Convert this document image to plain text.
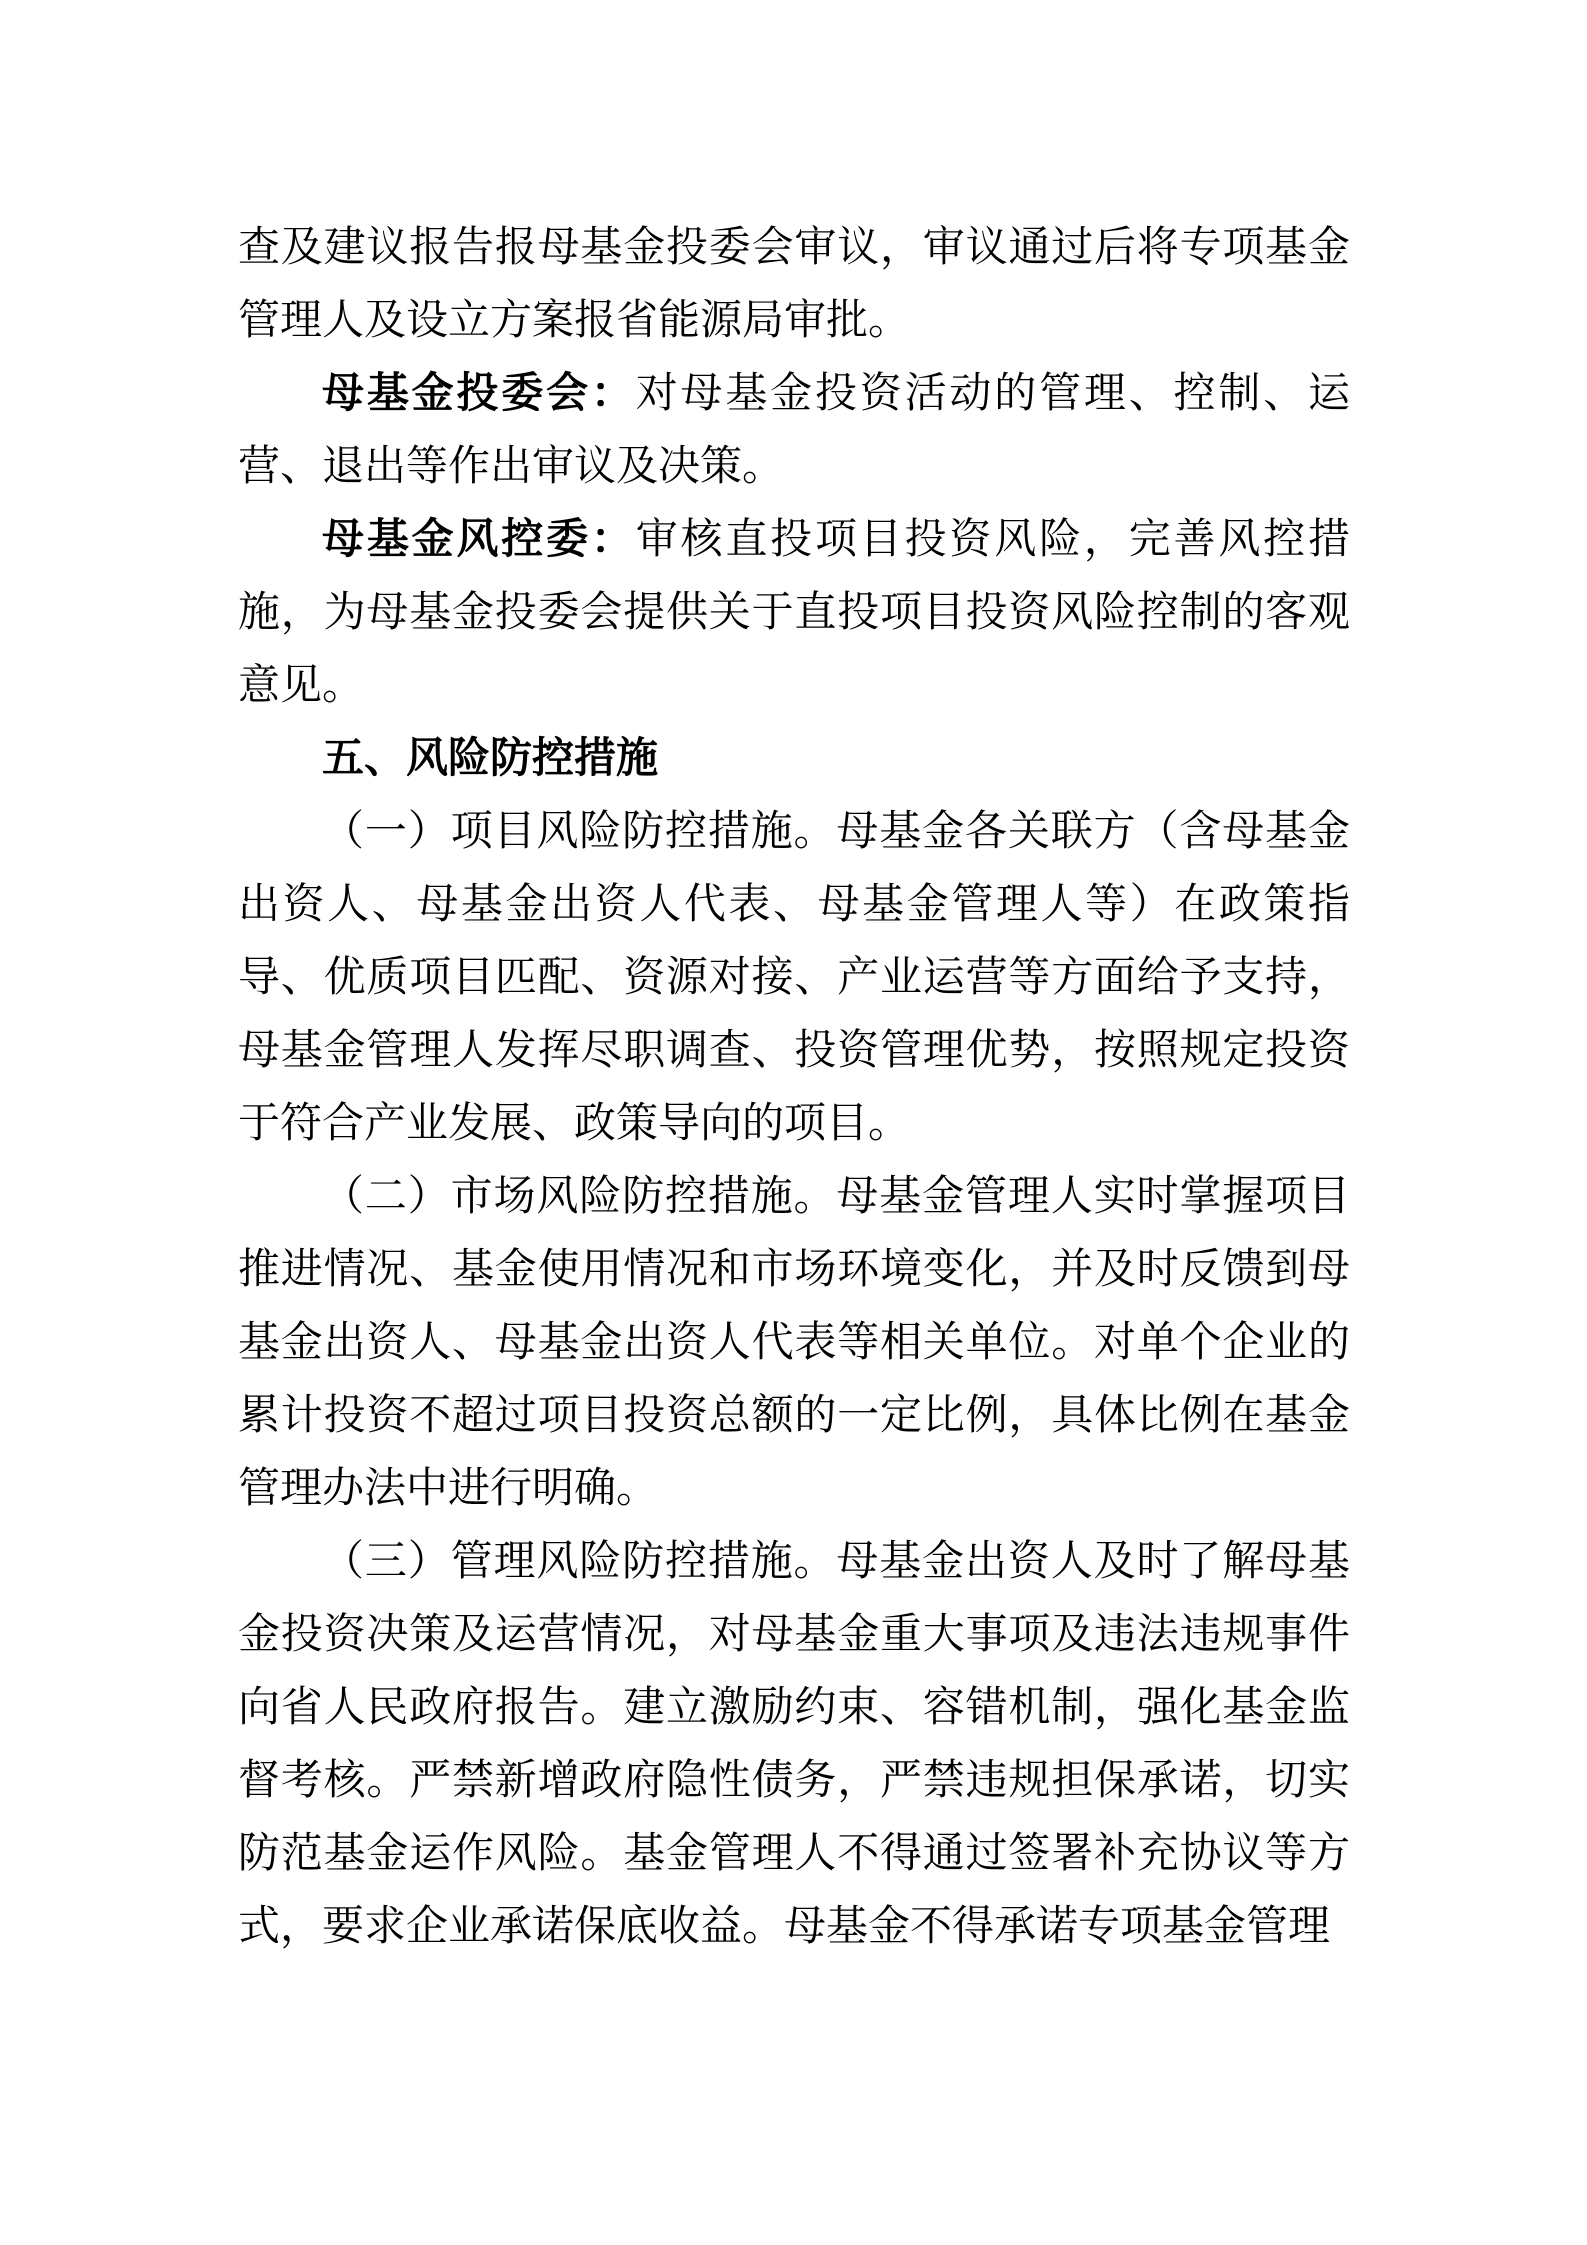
查及建议报告报母基金投委会审议，审议通过后将专项基金管理人及设立方案报省能源局审批。

母基金投委会：对母基金投资活动的管理、控制、运营、退出等作出审议及决策。

母基金风控委：审核直投项目投资风险，完善风控措施，为母基金投委会提供关于直投项目投资风险控制的客观意见。

五、风险防控措施

（一）项目风险防控措施。母基金各关联方（含母基金出资人、母基金出资人代表、母基金管理人等）在政策指导、优质项目匹配、资源对接、产业运营等方面给予支持，母基金管理人发挥尽职调查、投资管理优势，按照规定投资于符合产业发展、政策导向的项目。

（二）市场风险防控措施。母基金管理人实时掌握项目推进情况、基金使用情况和市场环境变化，并及时反馈到母基金出资人、母基金出资人代表等相关单位。对单个企业的累计投资不超过项目投资总额的一定比例，具体比例在基金管理办法中进行明确。

（三）管理风险防控措施。母基金出资人及时了解母基金投资决策及运营情况，对母基金重大事项及违法违规事件向省人民政府报告。建立激励约束、容错机制，强化基金监督考核。严禁新增政府隐性债务，严禁违规担保承诺，切实防范基金运作风险。基金管理人不得通过签署补充协议等方式，要求企业承诺保底收益。母基金不得承诺专项基金管理
